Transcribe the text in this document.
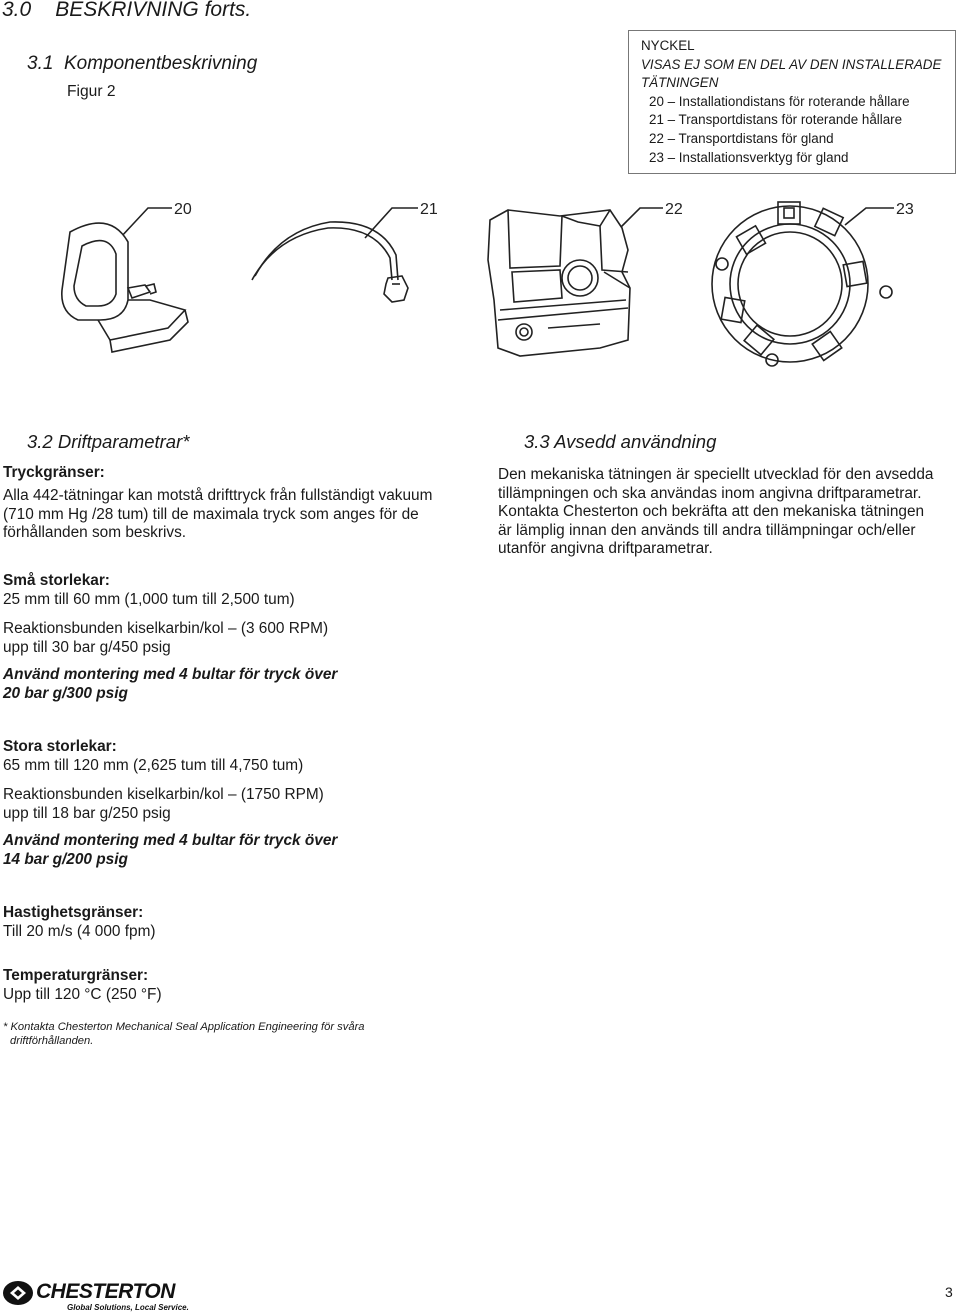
3.0 BESKRIVNING forts.
3.1 Komponentbeskrivning
Figur 2
NYCKEL
VISAS EJ SOM EN DEL AV DEN INSTALLERADE
TÄTNINGEN
20 – Installationdistans för roterande hållare
21 – Transportdistans för roterande hållare
22 – Transportdistans för gland
23 – Installationsverktyg för gland
20	21	22	23
3.2 Driftparametrar*
Tryckgränser:
Alla 442-tätningar kan motstå drifttryck från fullständigt vakuum
(710 mm Hg /28 tum) till de maximala tryck som anges för de
förhållanden som beskrivs.
Små storlekar:
25 mm till 60 mm (1,000 tum till 2,500 tum)
Reaktionsbunden kiselkarbin/kol – (3 600 RPM)
upp till 30 bar g/450 psig
Använd montering med 4 bultar för tryck över
20 bar g/300 psig
Stora storlekar:
65 mm till 120 mm (2,625 tum till 4,750 tum)
Reaktionsbunden kiselkarbin/kol – (1750 RPM)
upp till 18 bar g/250 psig
Använd montering med 4 bultar för tryck över
14 bar g/200 psig
Hastighetsgränser:
Till 20 m/s (4 000 fpm)
Temperaturgränser:
Upp till 120 °C (250 °F)
* Kontakta Chesterton Mechanical Seal Application Engineering för svåra
driftförhållanden.
3.3 Avsedd användning
Den mekaniska tätningen är speciellt utvecklad för den avsedda
tillämpningen och ska användas inom angivna driftparametrar.
Kontakta Chesterton och bekräfta att den mekaniska tätningen
är lämplig innan den används till andra tillämpningar och/eller
utanför angivna driftparametrar.
CHESTERTON
Global Solutions, Local Service.
3
